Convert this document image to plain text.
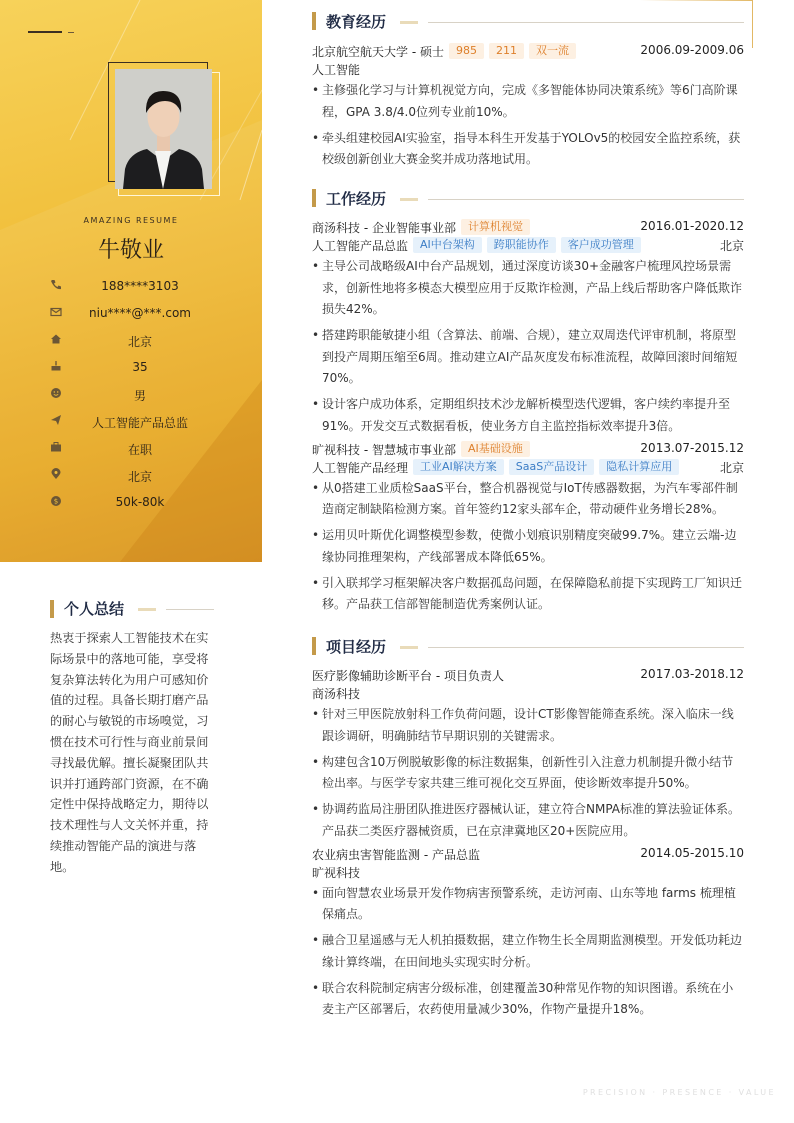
AMAZING RESUME
牛敬业
188****3103
niu****@***.com
北京
35
男
人工智能产品总监
在职
北京
$	50k-80k
个人总结
热衷于探索人工智能技术在实际场景中的落地可能，享受将复杂算法转化为用户可感知价值的过程。具备长期打磨产品的耐心与敏锐的市场嗅觉，习惯在技术可行性与商业前景间寻找最优解。擅长凝聚团队共识并打通跨部门资源，在不确定性中保持战略定力，期待以技术理性与人文关怀并重，持续推动智能产品的演进与落地。
教育经历
北京航空航天大学 - 硕士 985 211 双一流	2006.09-2009.06
人工智能
• 主修强化学习与计算机视觉方向，完成《多智能体协同决策系统》等6门高阶课程，GPA 3.8/4.0位列专业前10%。
• 牵头组建校园AI实验室，指导本科生开发基于YOLOv5的校园安全监控系统，获校级创新创业大赛金奖并成功落地试用。
工作经历
商汤科技 - 企业智能事业部 计算机视觉	2016.01-2020.12
人工智能产品总监 AI中台架构 跨职能协作 客户成功管理	北京
• 主导公司战略级AI中台产品规划，通过深度访谈30+金融客户梳理风控场景需求，创新性地将多模态大模型应用于反欺诈检测，产品上线后帮助客户降低欺诈损失42%。
• 搭建跨职能敏捷小组（含算法、前端、合规），建立双周迭代评审机制，将原型到投产周期压缩至6周。推动建立AI产品灰度发布标准流程，故障回滚时间缩短70%。
• 设计客户成功体系，定期组织技术沙龙解析模型迭代逻辑，客户续约率提升至91%。开发交互式数据看板，使业务方自主监控指标效率提升3倍。
旷视科技 - 智慧城市事业部 AI基础设施	2013.07-2015.12
人工智能产品经理 工业AI解决方案 SaaS产品设计 隐私计算应用	北京
• 从0搭建工业质检SaaS平台，整合机器视觉与IoT传感器数据，为汽车零部件制造商定制缺陷检测方案。首年签约12家头部车企，带动硬件业务增长28%。
• 运用贝叶斯优化调整模型参数，使微小划痕识别精度突破99.7%。建立云端-边缘协同推理架构，产线部署成本降低65%。
• 引入联邦学习框架解决客户数据孤岛问题，在保障隐私前提下实现跨工厂知识迁移。产品获工信部智能制造优秀案例认证。
项目经历
医疗影像辅助诊断平台 - 项目负责人	2017.03-2018.12
商汤科技
• 针对三甲医院放射科工作负荷问题，设计CT影像智能筛查系统。深入临床一线跟诊调研，明确肺结节早期识别的关键需求。
• 构建包含10万例脱敏影像的标注数据集，创新性引入注意力机制提升微小结节检出率。与医学专家共建三维可视化交互界面，使诊断效率提升50%。
• 协调药监局注册团队推进医疗器械认证，建立符合NMPA标准的算法验证体系。产品获二类医疗器械资质，已在京津冀地区20+医院应用。
农业病虫害智能监测 - 产品总监	2014.05-2015.10
旷视科技
• 面向智慧农业场景开发作物病害预警系统，走访河南、山东等地 farms 梳理植保痛点。
• 融合卫星遥感与无人机拍摄数据，建立作物生长全周期监测模型。开发低功耗边缘计算终端，在田间地头实现实时分析。
• 联合农科院制定病害分级标准，创建覆盖30种常见作物的知识图谱。系统在小麦主产区部署后，农药使用量减少30%，作物产量提升18%。
PRECISION · PRESENCE · VALUE
